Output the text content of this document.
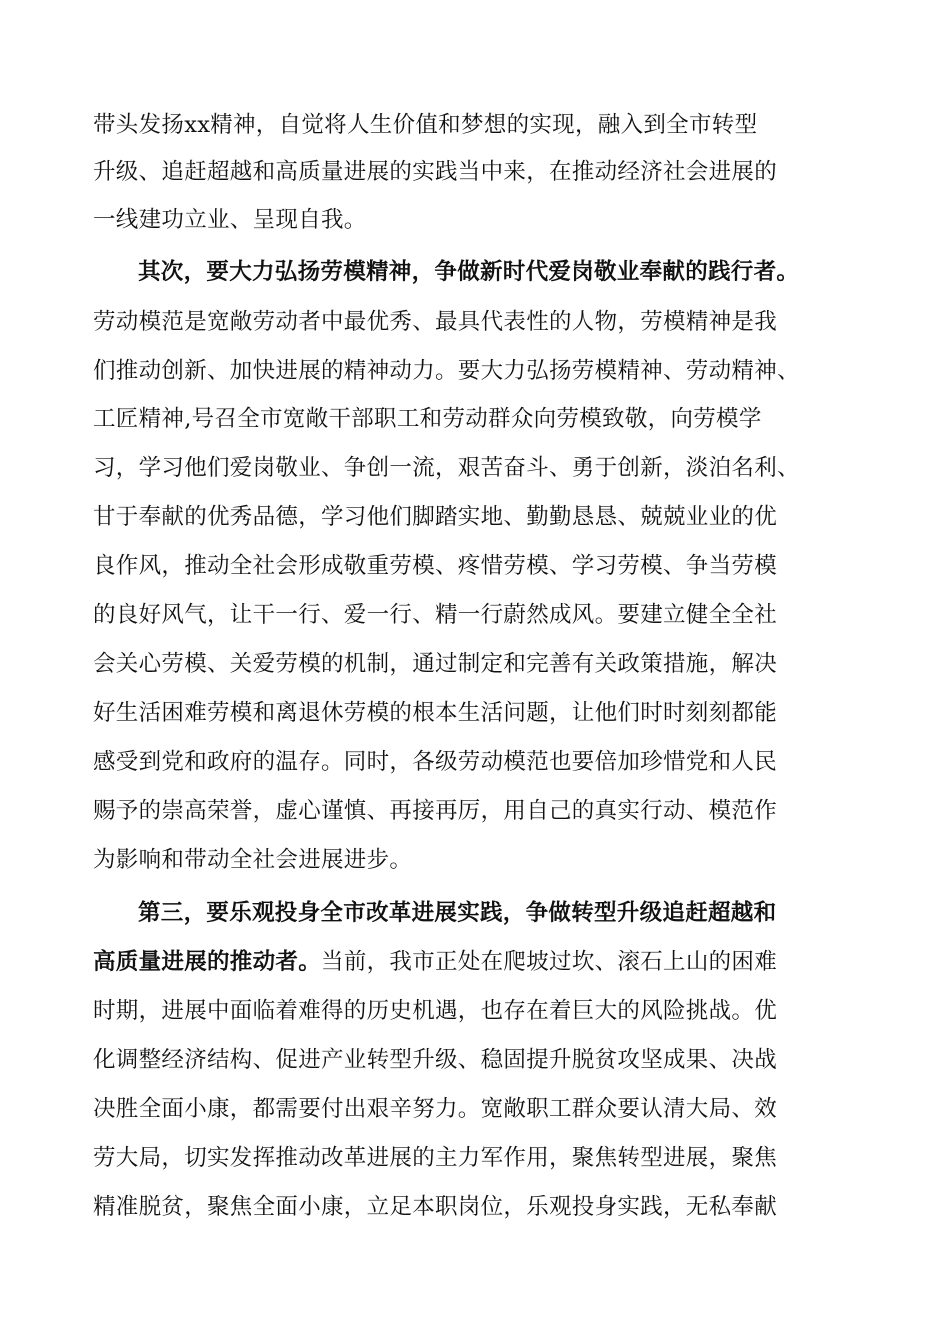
带头发扬xx精神，自觉将人生价值和梦想的实现，融入到全市转型
升级、追赶超越和高质量进展的实践当中来，在推动经济社会进展的
一线建功立业、呈现自我。
其次，要大力弘扬劳模精神，争做新时代爱岗敬业奉献的践行者。
劳动模范是宽敞劳动者中最优秀、最具代表性的人物，劳模精神是我
们推动创新、加快进展的精神动力。要大力弘扬劳模精神、劳动精神、
工匠精神,号召全市宽敞干部职工和劳动群众向劳模致敬，向劳模学
习，学习他们爱岗敬业、争创一流，艰苦奋斗、勇于创新，淡泊名利、
甘于奉献的优秀品德，学习他们脚踏实地、勤勤恳恳、兢兢业业的优
良作风，推动全社会形成敬重劳模、疼惜劳模、学习劳模、争当劳模
的良好风气，让干一行、爱一行、精一行蔚然成风。要建立健全全社
会关心劳模、关爱劳模的机制，通过制定和完善有关政策措施，解决
好生活困难劳模和离退休劳模的根本生活问题，让他们时时刻刻都能
感受到党和政府的温存。同时，各级劳动模范也要倍加珍惜党和人民
赐予的崇高荣誉，虚心谨慎、再接再厉，用自己的真实行动、模范作
为影响和带动全社会进展进步。
第三，要乐观投身全市改革进展实践，争做转型升级追赶超越和
高质量进展的推动者。当前，我市正处在爬坡过坎、滚石上山的困难
时期，进展中面临着难得的历史机遇，也存在着巨大的风险挑战。优
化调整经济结构、促进产业转型升级、稳固提升脱贫攻坚成果、决战
决胜全面小康，都需要付出艰辛努力。宽敞职工群众要认清大局、效
劳大局，切实发挥推动改革进展的主力军作用，聚焦转型进展，聚焦
精准脱贫，聚焦全面小康，立足本职岗位，乐观投身实践，无私奉献
